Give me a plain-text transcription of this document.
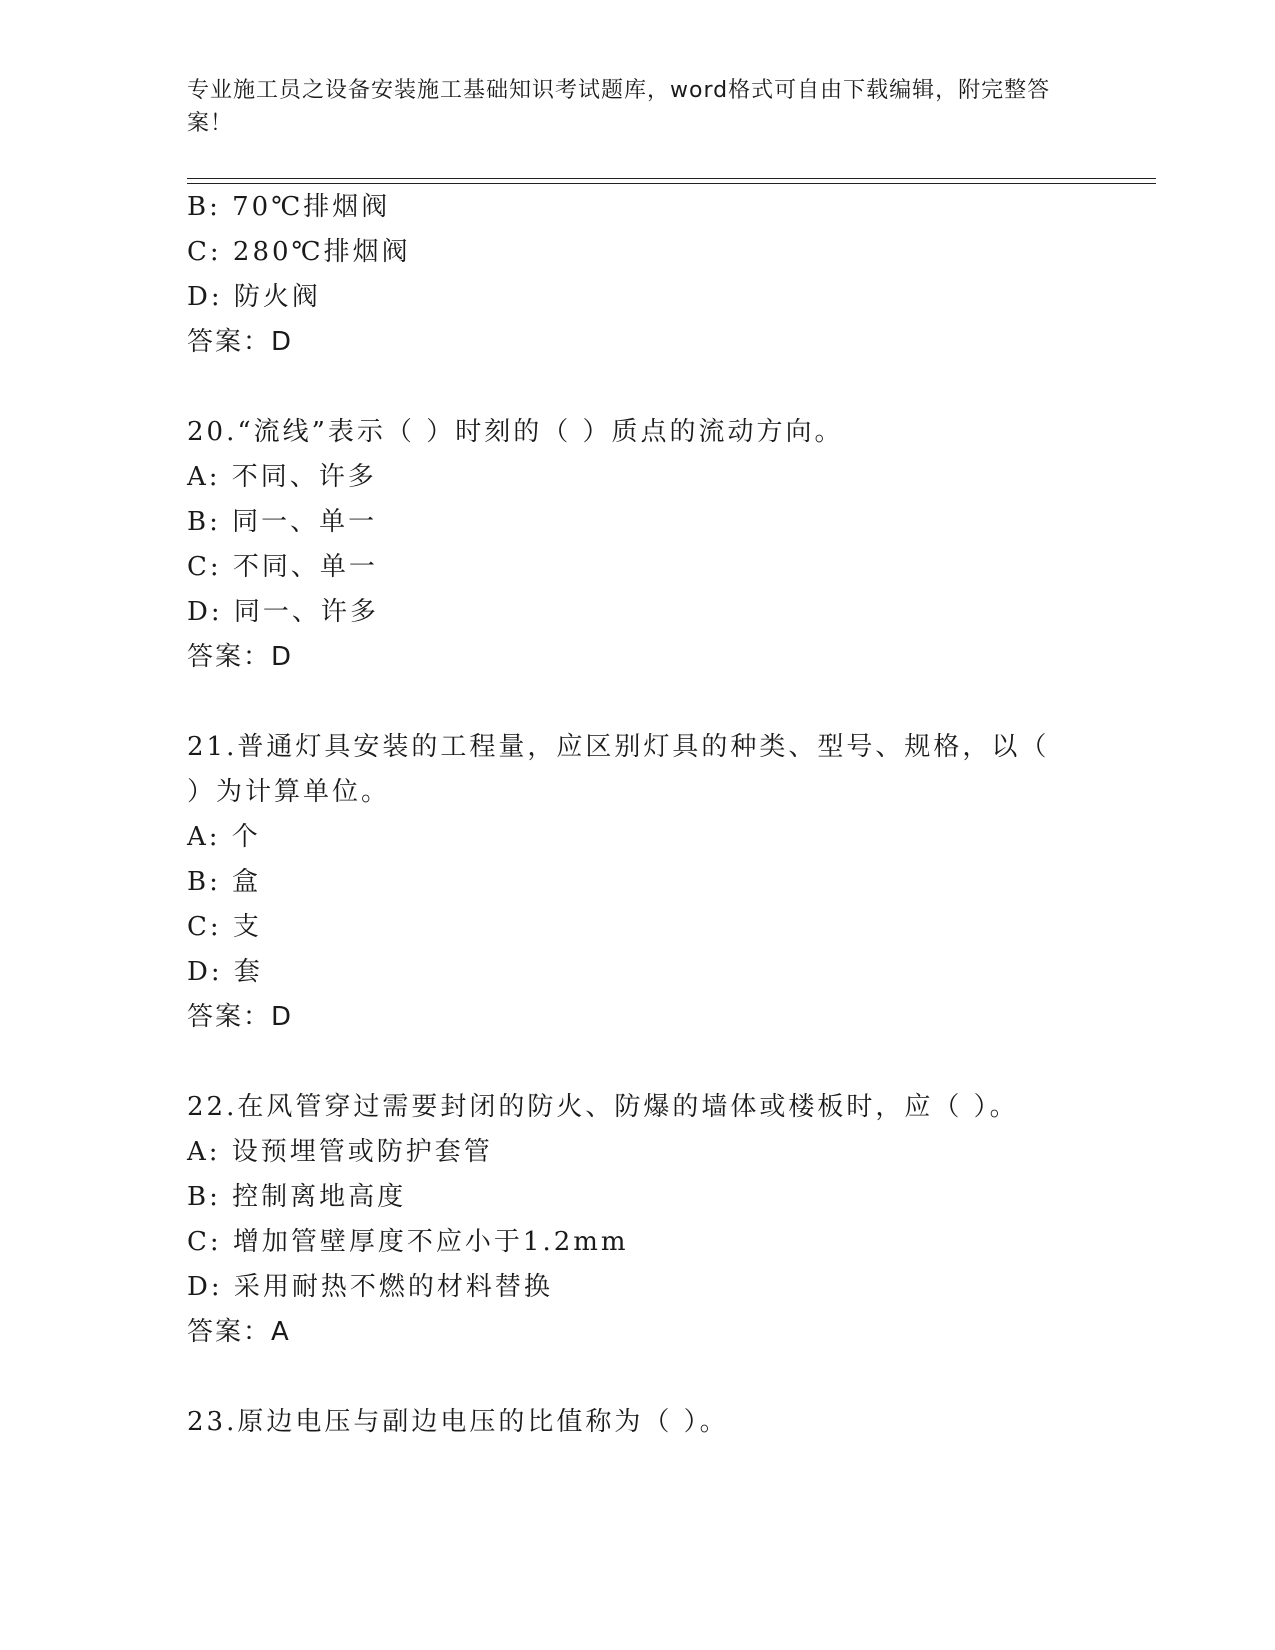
专业施工员之设备安装施工基础知识考试题库，word格式可自由下载编辑，附完整答案！
B: 70℃排烟阀
C: 280℃排烟阀
D: 防火阀
答案：D
20.“流线”表示（ ）时刻的（ ）质点的流动方向。
A: 不同、许多
B: 同一、单一
C: 不同、单一
D: 同一、许多
答案：D
21.普通灯具安装的工程量，应区别灯具的种类、型号、规格，以（
）为计算单位。
A: 个
B: 盒
C: 支
D: 套
答案：D
22.在风管穿过需要封闭的防火、防爆的墙体或楼板时，应（ ）。
A: 设预埋管或防护套管
B: 控制离地高度
C: 增加管壁厚度不应小于1.2mm
D: 采用耐热不燃的材料替换
答案：A
23.原边电压与副边电压的比值称为（ ）。
